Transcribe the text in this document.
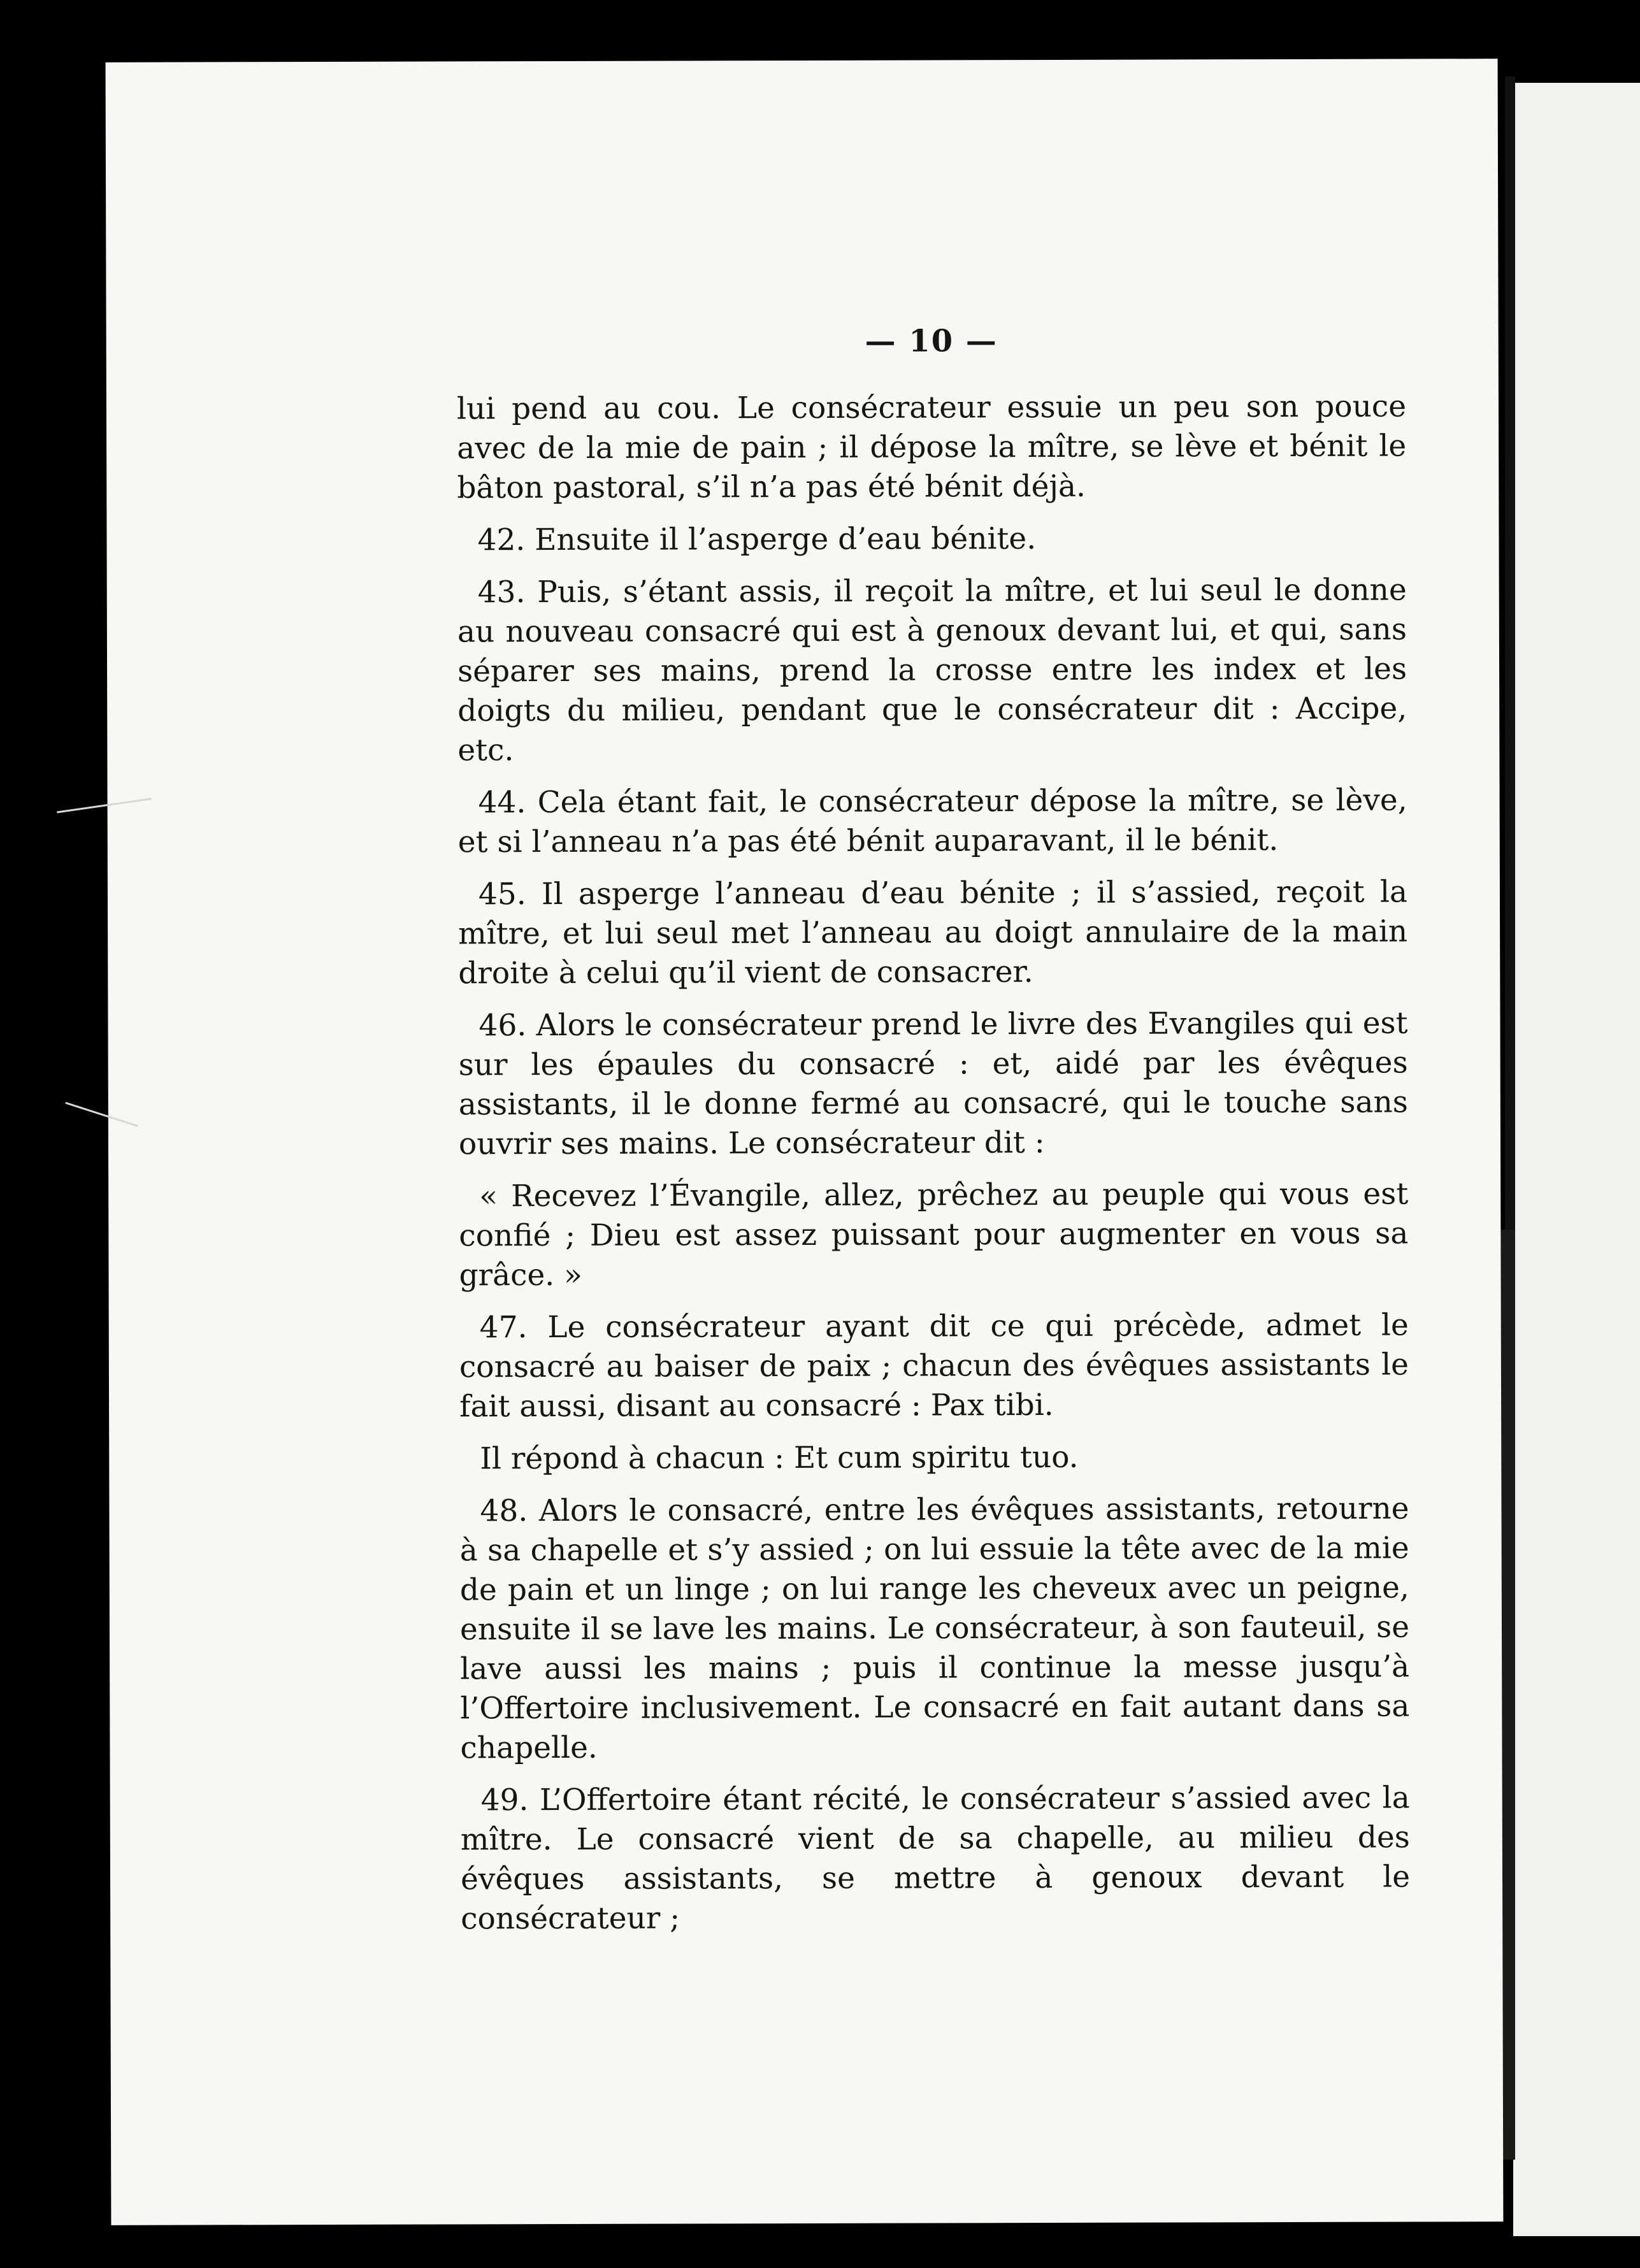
— 10 —

lui pend au cou. Le consécrateur essuie un peu son pouce avec de la mie de pain ; il dépose la mître, se lève et bénit le bâton pastoral, s’il n’a pas été bénit déjà.

42. Ensuite il l’asperge d’eau bénite.

43. Puis, s’étant assis, il reçoit la mître, et lui seul le donne au nouveau consacré qui est à genoux devant lui, et qui, sans séparer ses mains, prend la crosse entre les index et les doigts du milieu, pendant que le consécrateur dit : Accipe, etc.

44. Cela étant fait, le consécrateur dépose la mître, se lève, et si l’anneau n’a pas été bénit auparavant, il le bénit.

45. Il asperge l’anneau d’eau bénite ; il s’assied, reçoit la mître, et lui seul met l’anneau au doigt annulaire de la main droite à celui qu’il vient de consacrer.

46. Alors le consécrateur prend le livre des Evangiles qui est sur les épaules du consacré : et, aidé par les évêques assistants, il le donne fermé au consacré, qui le touche sans ouvrir ses mains. Le consécrateur dit :

« Recevez l’Évangile, allez, prêchez au peuple qui vous est confié ; Dieu est assez puissant pour augmenter en vous sa grâce. »

47. Le consécrateur ayant dit ce qui précède, admet le consacré au baiser de paix ; chacun des évêques assistants le fait aussi, disant au consacré : Pax tibi.

Il répond à chacun : Et cum spiritu tuo.

48. Alors le consacré, entre les évêques assistants, retourne à sa chapelle et s’y assied ; on lui essuie la tête avec de la mie de pain et un linge ; on lui range les cheveux avec un peigne, ensuite il se lave les mains. Le consécrateur, à son fauteuil, se lave aussi les mains ; puis il continue la messe jusqu’à l’Offertoire inclusivement. Le consacré en fait autant dans sa chapelle.

49. L’Offertoire étant récité, le consécrateur s’assied avec la mître. Le consacré vient de sa chapelle, au milieu des évêques assistants, se mettre à genoux devant le consécrateur ;
